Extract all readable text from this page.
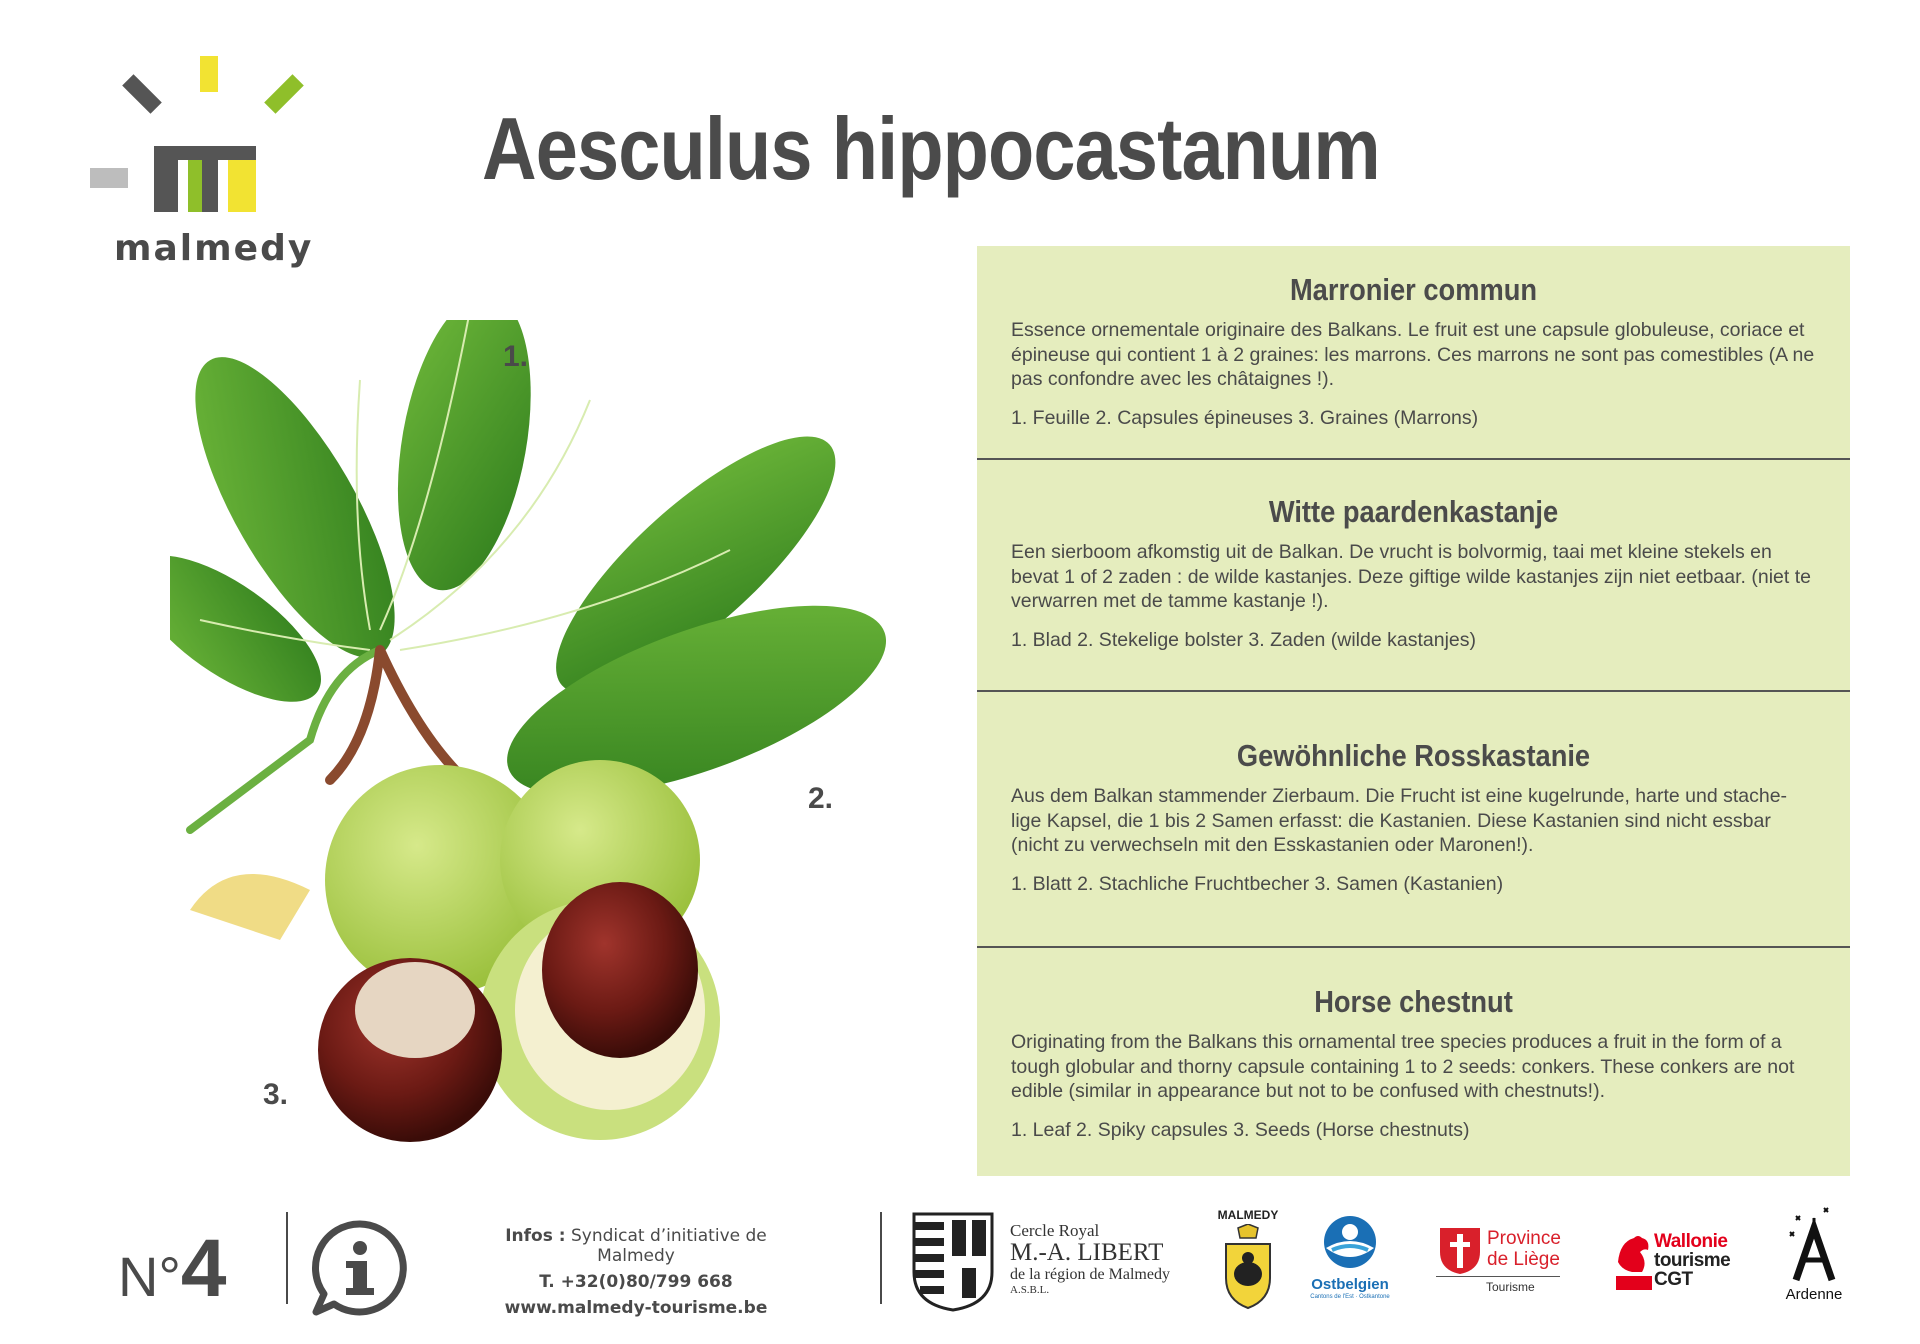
malmedy
Aesculus hippocastanum
1.
2.
3.
Marronier commun

Essence ornementale originaire des Balkans. Le fruit est une capsule globuleuse, coriace et épineuse qui contient 1 à 2 graines: les marrons. Ces marrons ne sont pas comestibles (A ne pas confondre avec les châtaignes !).

1. Feuille 2. Capsules épineuses 3. Graines (Marrons)

Witte paardenkastanje

Een sierboom afkomstig uit de Balkan. De vrucht is bolvormig, taai met kleine stekels en bevat 1 of 2 zaden : de wilde kastanjes. Deze giftige wilde kastanjes zijn niet eetbaar. (niet te verwarren met de tamme kastanje !).

1. Blad 2. Stekelige bolster 3. Zaden (wilde kastanjes)

Gewöhnliche Rosskastanie

Aus dem Balkan stammender Zierbaum. Die Frucht ist eine kugelrunde, harte und stache-lige Kapsel, die 1 bis 2 Samen erfasst: die Kastanien. Diese Kastanien sind nicht essbar (nicht zu verwechseln mit den Esskastanien oder Maronen!).

1. Blatt 2. Stachliche Fruchtbecher 3. Samen (Kastanien)

Horse chestnut

Originating from the Balkans this ornamental tree species produces a fruit in the form of a tough globular and thorny capsule containing 1 to 2 seeds: conkers. These conkers are not edible (similar in appearance but not to be confused with chestnuts!).

1. Leaf 2. Spiky capsules 3. Seeds (Horse chestnuts)

N°4	Infos : Syndicat d’initiative de Malmedy
T. +32(0)80/799 668
www.malmedy-tourisme.be
Cercle Royal
M.-A. LIBERT
de la région de Malmedy
A.S.B.L.
MALMEDY
Ostbelgien
Cantons de l'Est · Ostkantone
Province
de Liège
Tourisme
Wallonie
tourisme
CGT
Ardenne
